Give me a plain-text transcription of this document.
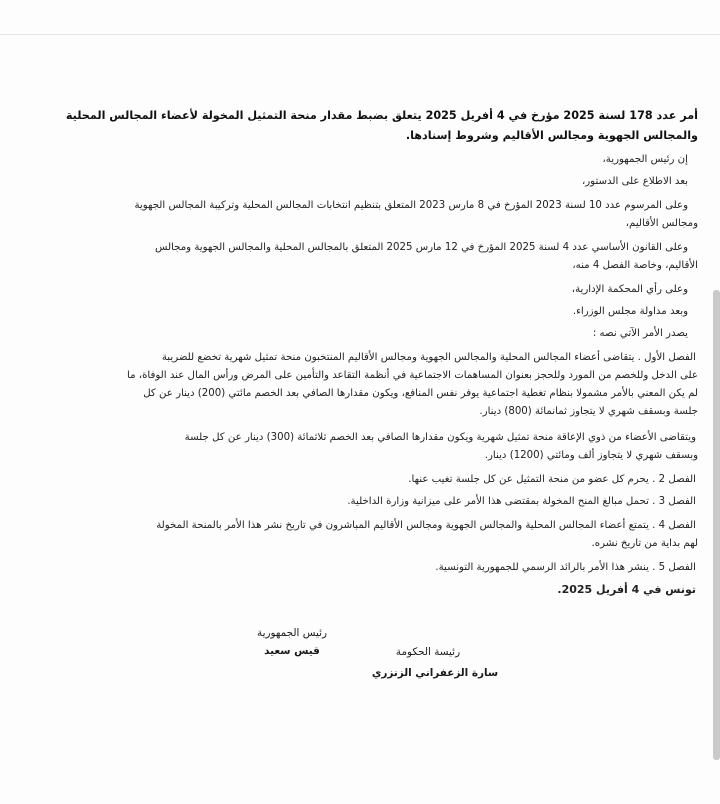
أمر عدد 178 لسنة 2025 مؤرخ في 4 أفريل 2025 يتعلق بضبط مقدار منحة التمثيل المخولة لأعضاء المجالس المحلية
والمجالس الجهوية ومجالس الأقاليم وشروط إسنادها.
إن رئيس الجمهورية،
بعد الاطلاع على الدستور،
وعلى المرسوم عدد 10 لسنة 2023 المؤرخ في 8 مارس 2023 المتعلق بتنظيم انتخابات المجالس المحلية وتركيبة المجالس الجهوية
ومجالس الأقاليم،
وعلى القانون الأساسي عدد 4 لسنة 2025 المؤرخ في 12 مارس 2025 المتعلق بالمجالس المحلية والمجالس الجهوية ومجالس
الأقاليم، وخاصة الفصل 4 منه،
وعلى رأي المحكمة الإدارية،
وبعد مداولة مجلس الوزراء.
يصدر الأمر الآتي نصه :
الفصل الأول . يتقاضى أعضاء المجالس المحلية والمجالس الجهوية ومجالس الأقاليم المنتخبون منحة تمثيل شهرية تخضع للضريبة
على الدخل وللخصم من المورد وللحجز بعنوان المساهمات الاجتماعية في أنظمة التقاعد والتأمين على المرض ورأس المال عند الوفاة، ما
لم يكن المعني بالأمر مشمولا بنظام تغطية اجتماعية يوفر نفس المنافع، ويكون مقدارها الصافي بعد الخصم مائتي (200) دينار عن كل
جلسة وبسقف شهري لا يتجاوز ثمانمائة (800) دينار.
ويتقاضى الأعضاء من ذوي الإعاقة منحة تمثيل شهرية ويكون مقدارها الصافي بعد الخصم ثلاثمائة (300) دينار عن كل جلسة
وبسقف شهري لا يتجاوز ألف ومائتي (1200) دينار.
الفصل 2 . يحرم كل عضو من منحة التمثيل عن كل جلسة تغيب عنها.
الفصل 3 . تحمل مبالغ المنح المخولة بمقتضى هذا الأمر على ميزانية وزارة الداخلية.
الفصل 4 . يتمتع أعضاء المجالس المحلية والمجالس الجهوية ومجالس الأقاليم المباشرون في تاريخ نشر هذا الأمر بالمنحة المخولة
لهم بداية من تاريخ نشره.
الفصل 5 . ينشر هذا الأمر بالرائد الرسمي للجمهورية التونسية.
تونس في 4 أفريل 2025.
رئيس الجمهورية
قيس سعيد	رئيسة الحكومة
سارة الزعفراني الزنزري
